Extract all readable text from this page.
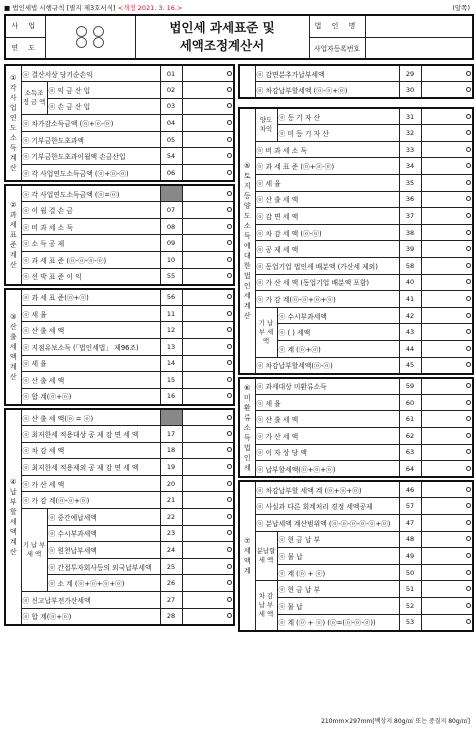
■ 법인세법 시행규칙 [별지 제3호서식] <개정 2021. 3. 16.>	(앞쪽)
사 업		법인세 과세표준 및
세액조정계산서	법 인 명	
연 도			사업자등록번호	
① 각 사업연도 소득계산	ⓞ 결산서상 당기순손익		01	
	소득조정 금 액	ⓞ 익 금 산 입	02	
		ⓞ 손 금 산 입	03	
	ⓞ 차가감소득금액 (ⓞ+ⓞ-ⓞ)		04	
	ⓞ 기부금한도초과액		05	
	ⓞ 기부금한도초과이월액 손금산입		54	
	ⓞ 각 사업연도소득금액 (ⓞ+ⓞ-ⓞ)		06	
② 과세표준 계산	ⓞ 각 사업연도소득금액 (ⓞ=ⓞ)		
	ⓞ 이 월 결 손 금	07	
	ⓞ 비 과 세 소 득	08	
	ⓞ 소 득 공 제	09	
	ⓞ 과 세 표 준 (ⓞ-ⓞ-ⓞ-ⓞ)	10	
	ⓞ 선 박 표 준 이 익	55	
③ 산출세액 계산	ⓞ 과 세 표 준(ⓞ+ⓞ)	56	
	ⓞ 세 율	11	
	ⓞ 산 출 세 액	12	
	ⓞ 지점유보소득 (「법인세법」 제96조)	13	
	ⓞ 세 율	14	
	ⓞ 산 출 세 액	15	
	ⓞ 합 계(ⓞ+ⓞ)	16	
④ 납부할 세액 계산	ⓞ 산 출 세 액(ⓞ = ⓞ)			
	ⓞ 최저한세 적용대상 공 제 감 면 세 액		17	
	ⓞ 차 감 세 액		18	
	ⓞ 최저한세 적용제외 공 제 감 면 세 액		19	
	ⓞ 가 산 세 액		20	
	ⓞ 가 감 계(ⓞ-ⓞ+ⓞ)		21	
	기 납 부 세 액	ⓞ 중간예납세액	22	
		ⓞ 수시부과세액	23	
		ⓞ 원천납부세액	24	
		ⓞ 간접투자회사등의 외국납부세액	25	
		ⓞ 소 계 (ⓞ+ⓞ+ⓞ+ⓞ)	26	
	ⓞ 신고납부전가산세액		27	
	ⓞ 합 계(ⓞ+ⓞ)		28	
	ⓞ 감면분추가납부세액	29	
	ⓞ 차감납부할세액 (ⓞ-ⓞ+ⓞ)	30	
⑤ 토지등 양도소득에 대한 법인세 계산	양도 차익	ⓞ 등 기 자 산	31	
		ⓞ 미 등 기 자 산	32	
	ⓞ 비 과 세 소 득		33	
	ⓞ 과 세 표 준 (ⓞ+ⓞ-ⓞ)		34	
	ⓞ 세 율		35	
	ⓞ 산 출 세 액		36	
	ⓞ 감 면 세 액		37	
	ⓞ 차 감 세 액 (ⓞ-ⓞ)		38	
	ⓞ 공 제 세 액		39	
	ⓞ 동업기업 법인세 배분액 (가산세 제외)		58	
	ⓞ 가 산 세 액 (동업기업 배분액 포함)		40	
	ⓞ 가 감 계(ⓞ-ⓞ+ⓞ+ⓞ)		41	
	기 납 부 세 액	ⓞ 수시부과세액	42	
		ⓞ ( ) 세액	43	
		ⓞ 계 (ⓞ+ⓞ)	44	
	ⓞ 차감납부할세액(ⓞ-ⓞ)		45	
⑥ 미환류소득 법인세	ⓞ 과세대상 미환류소득	59	
	ⓞ 세 율	60	
	ⓞ 산 출 세 액	61	
	ⓞ 가 산 세 액	62	
	ⓞ 이 자 상 당 액	63	
	ⓞ 납부할세액(ⓞ+ⓞ+ⓞ)	64	
⑦ 세 액 계	ⓞ 차감납부할 세액 계 (ⓞ+ⓞ+ⓞ)		46	
	ⓞ 사실과 다른 회계처리 경정 세액공제		57	
	ⓞ 분납세액 계산범위액 (ⓞ-ⓞ-ⓞ-ⓞ-ⓞ+ⓞ)		47	
	분납할 세 액	ⓞ 현 금 납 부	48	
		ⓞ 물 납	49	
		ⓞ 계 (ⓞ + ⓞ)	50	
	차 감 납 부 세 액	ⓞ 현 금 납 부	51	
		ⓞ 물 납	52	
		ⓞ 계 (ⓞ + ⓞ) (ⓞ=(ⓞ-ⓞ-ⓞ))	53	
210mm×297mm[백상지 80g/㎡ 또는 중질지 80g/㎡]
